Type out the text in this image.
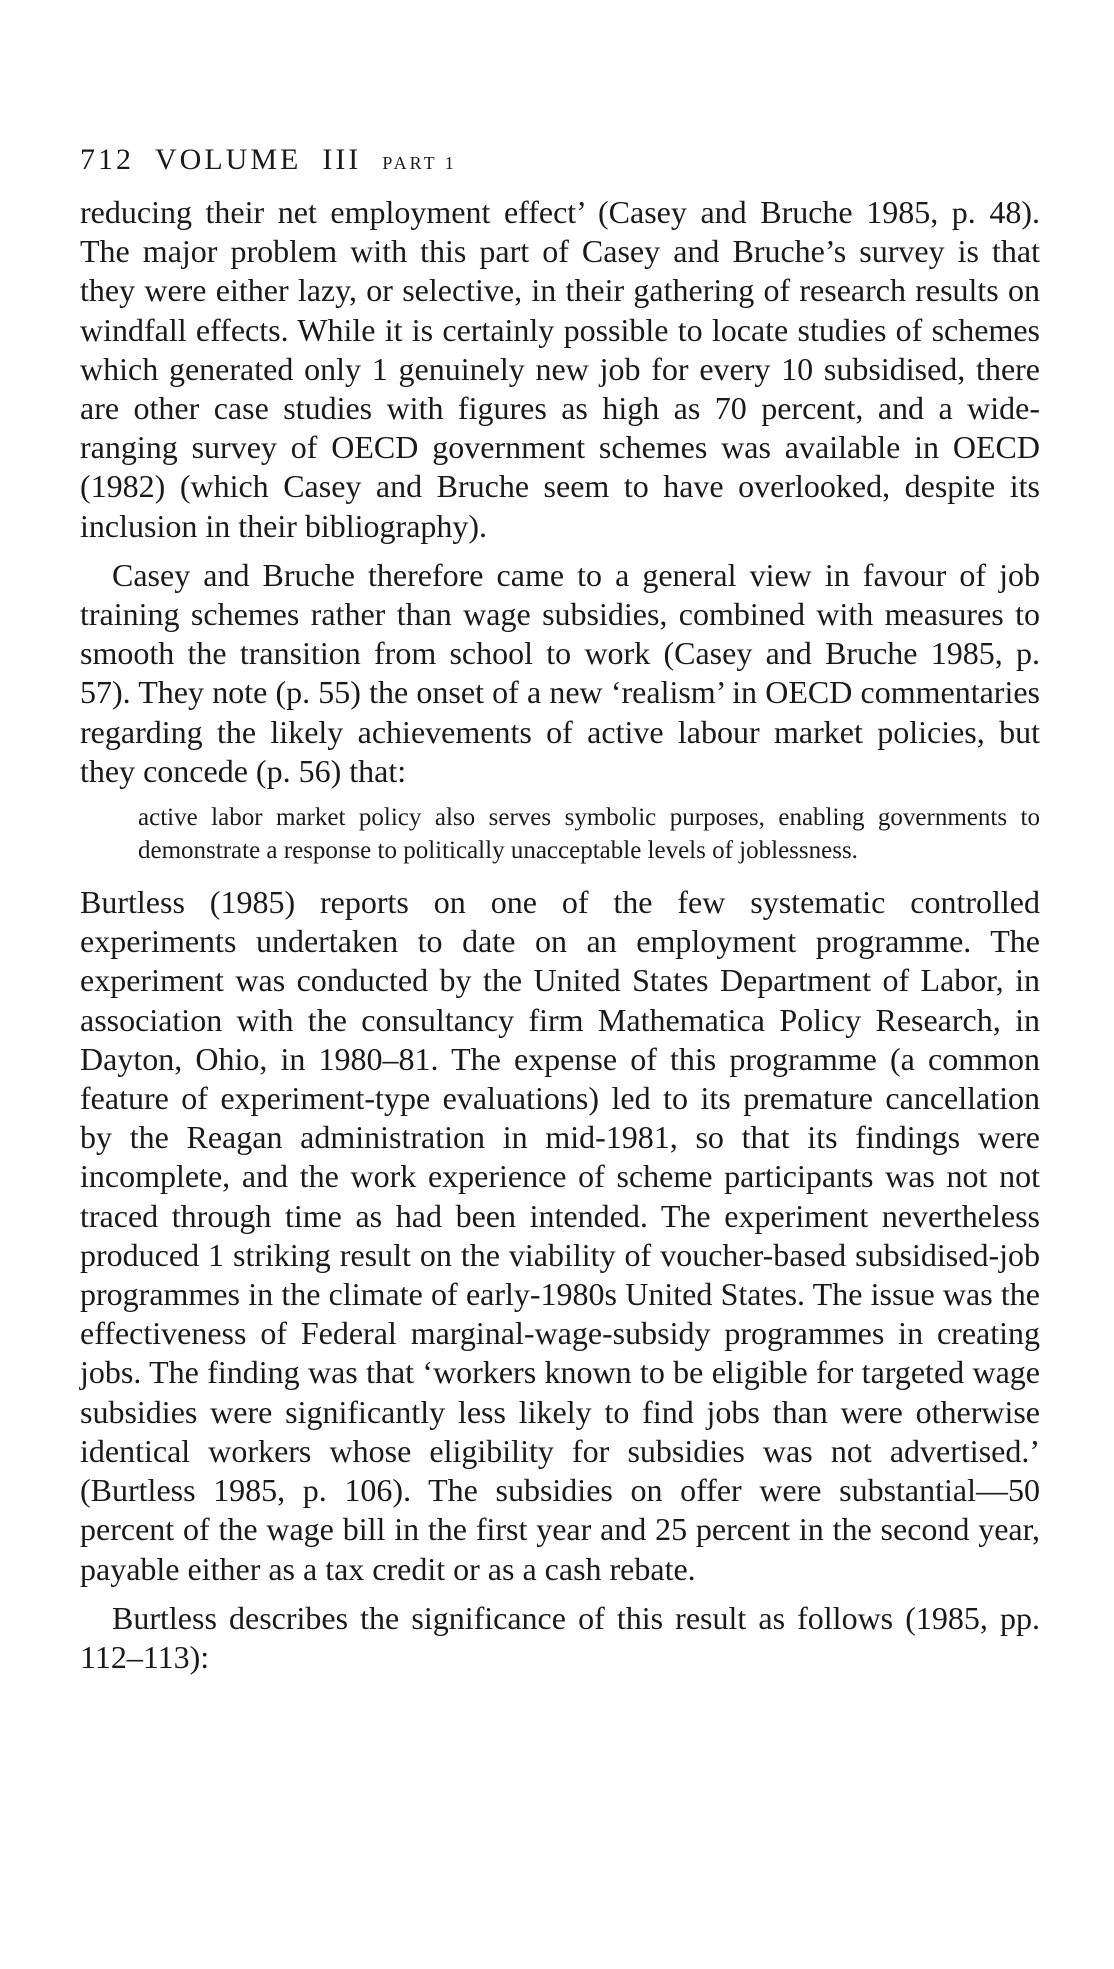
712 VOLUME III PART 1

reducing their net employment effect’ (Casey and Bruche 1985, p. 48). The major problem with this part of Casey and Bruche’s survey is that they were either lazy, or selective, in their gathering of research results on windfall effects. While it is certainly possible to locate studies of schemes which generated only 1 genuinely new job for every 10 subsidised, there are other case studies with figures as high as 70 percent, and a wide-ranging survey of OECD government schemes was available in OECD (1982) (which Casey and Bruche seem to have overlooked, despite its inclusion in their bibliography).

Casey and Bruche therefore came to a general view in favour of job training schemes rather than wage subsidies, combined with measures to smooth the transition from school to work (Casey and Bruche 1985, p. 57). They note (p. 55) the onset of a new ‘realism’ in OECD commentaries regarding the likely achievements of active labour market policies, but they concede (p. 56) that:

active labor market policy also serves symbolic purposes, enabling governments to demonstrate a response to politically unacceptable levels of joblessness.

Burtless (1985) reports on one of the few systematic controlled experiments undertaken to date on an employment programme. The experiment was conducted by the United States Department of Labor, in association with the consultancy firm Mathematica Policy Research, in Dayton, Ohio, in 1980–81. The expense of this programme (a common feature of experiment-type evaluations) led to its premature cancellation by the Reagan administration in mid-1981, so that its findings were incomplete, and the work experience of scheme participants was not not traced through time as had been intended. The experiment nevertheless produced 1 striking result on the viability of voucher-based subsidised-job programmes in the climate of early-1980s United States. The issue was the effectiveness of Federal marginal-wage-subsidy programmes in creating jobs. The finding was that ‘workers known to be eligible for targeted wage subsidies were significantly less likely to find jobs than were otherwise identical workers whose eligibility for subsidies was not advertised.’ (Burtless 1985, p. 106). The subsidies on offer were substantial—50 percent of the wage bill in the first year and 25 percent in the second year, payable either as a tax credit or as a cash rebate.

Burtless describes the significance of this result as follows (1985, pp. 112–113):
